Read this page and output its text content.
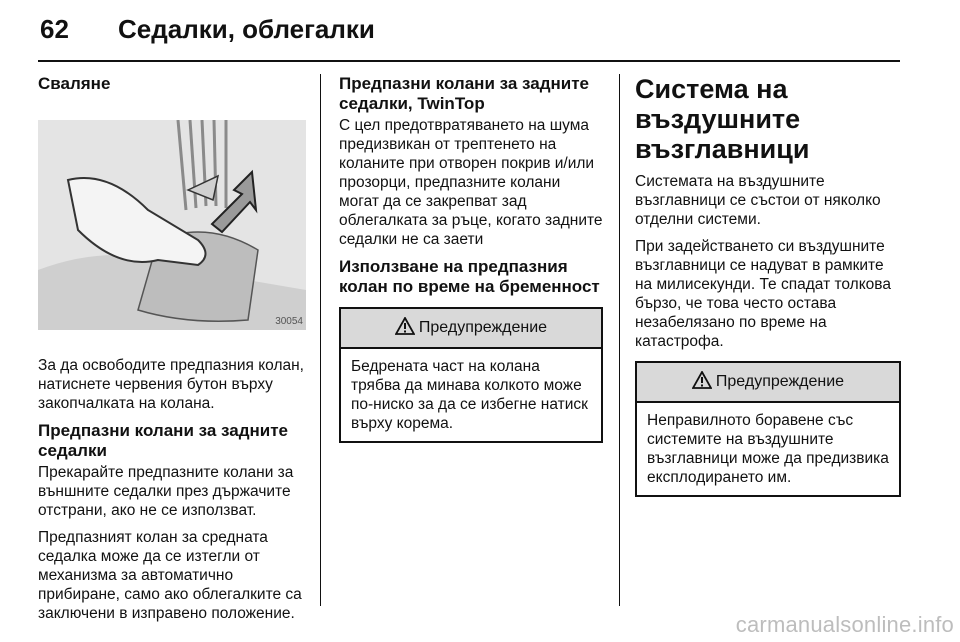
62 Седалки, облегалки
Сваляне
30054

За да освободите предпазния колан, натиснете червения бутон върху закопчалката на колана.

Предпазни колани за задните седалки

Прекарайте предпазните колани за външните седалки през държачите отстрани, ако не се използват.

Предпазният колан за средната седалка може да се изтегли от механизма за автоматично прибиране, само ако облегалките са заключени в изправено положение.

Предпазни колани за задните седалки, TwinTop

С цел предотвратяването на шума предизвикан от трептенето на коланите при отворен покрив и/или прозорци, предпазните колани могат да се закрепват зад облегалката за ръце, когато задните седалки не са заети

Използване на предпазния колан по време на бременност
Предупреждение
Бедрената част на колана трябва да минава колкото може по-ниско за да се избегне натиск върху корема.
Система на въздушните възглавници

Системата на въздушните възглавници се състои от няколко отделни системи.

При задействането си въздушните възглавници се надуват в рамките на милисекунди. Те спадат толкова бързо, че това често остава незабелязано по време на катастрофа.

Предупреждение
Неправилното боравене със системите на въздушните възглавници може да предизвика експлодирането им.
carmanualsonline.info
